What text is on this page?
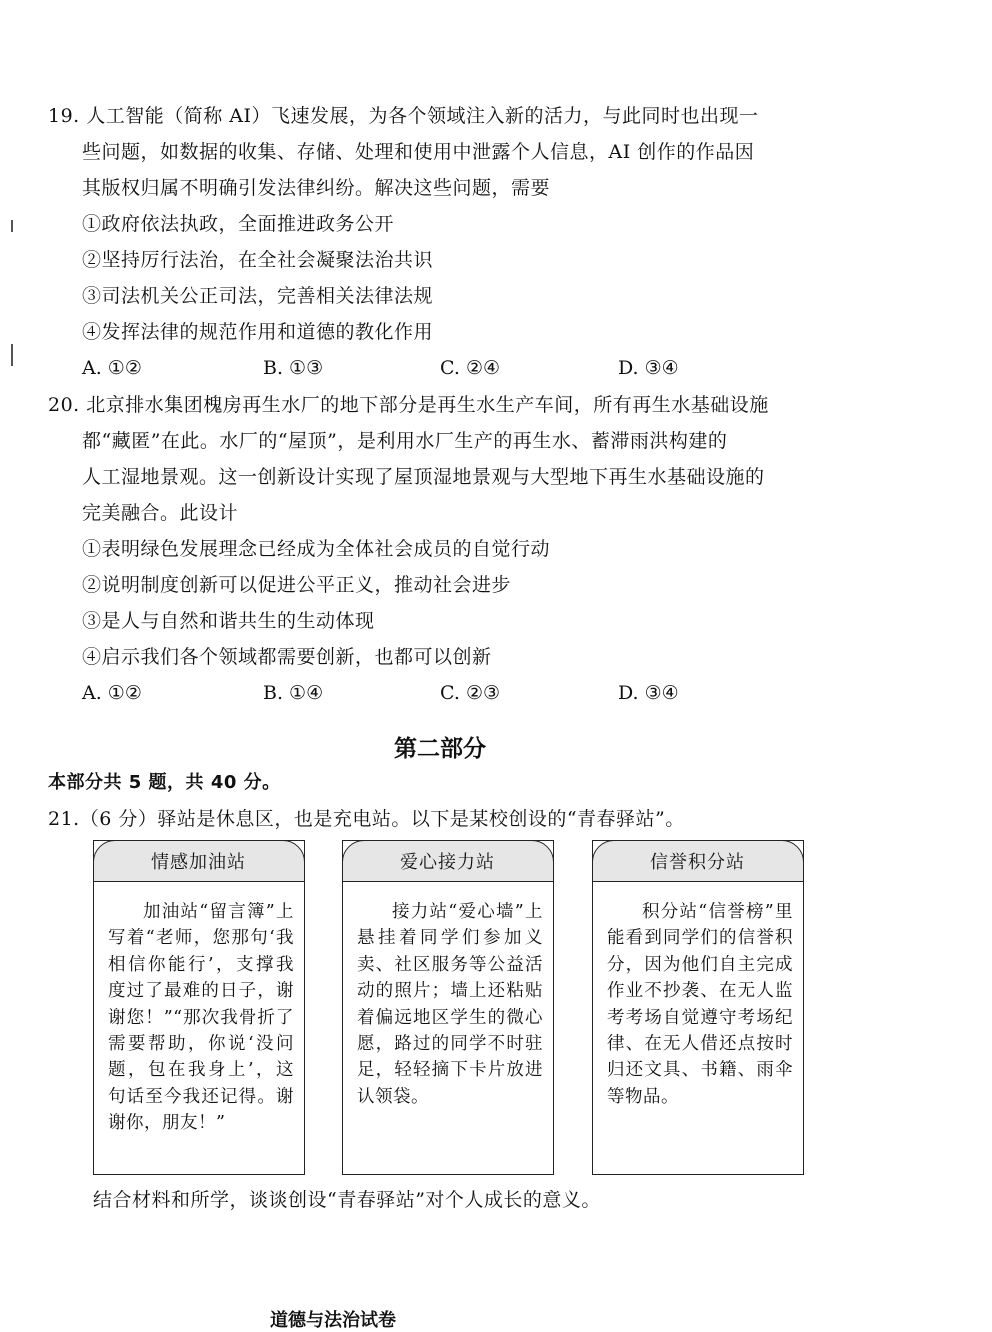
19. 人工智能（简称 AI）飞速发展，为各个领域注入新的活力，与此同时也出现一
些问题，如数据的收集、存储、处理和使用中泄露个人信息，AI 创作的作品因
其版权归属不明确引发法律纠纷。解决这些问题，需要
①政府依法执政，全面推进政务公开
②坚持厉行法治，在全社会凝聚法治共识
③司法机关公正司法，完善相关法律法规
④发挥法律的规范作用和道德的教化作用
A. ①②	B. ①③	C. ②④	D. ③④
20. 北京排水集团槐房再生水厂的地下部分是再生水生产车间，所有再生水基础设施
都“藏匿”在此。水厂的“屋顶”，是利用水厂生产的再生水、蓄滞雨洪构建的
人工湿地景观。这一创新设计实现了屋顶湿地景观与大型地下再生水基础设施的
完美融合。此设计
①表明绿色发展理念已经成为全体社会成员的自觉行动
②说明制度创新可以促进公平正义，推动社会进步
③是人与自然和谐共生的生动体现
④启示我们各个领域都需要创新，也都可以创新
A. ①②	B. ①④	C. ②③	D. ③④
第二部分
本部分共 5 题，共 40 分。
21.（6 分）驿站是休息区，也是充电站。以下是某校创设的“青春驿站”。
情感加油站

加油站“留言簿”上写着“老师，您那句‘我相信你能行’，支撑我度过了最难的日子，谢谢您！”“那次我骨折了需要帮助，你说‘没问题，包在我身上’，这句话至今我还记得。谢谢你，朋友！”

爱心接力站

接力站“爱心墙”上悬挂着同学们参加义卖、社区服务等公益活动的照片；墙上还粘贴着偏远地区学生的微心愿，路过的同学不时驻足，轻轻摘下卡片放进认领袋。

信誉积分站

积分站“信誉榜”里能看到同学们的信誉积分，因为他们自主完成作业不抄袭、在无人监考考场自觉遵守考场纪律、在无人借还点按时归还文具、书籍、雨伞等物品。

结合材料和所学，谈谈创设“青春驿站”对个人成长的意义。
道德与法治试卷
